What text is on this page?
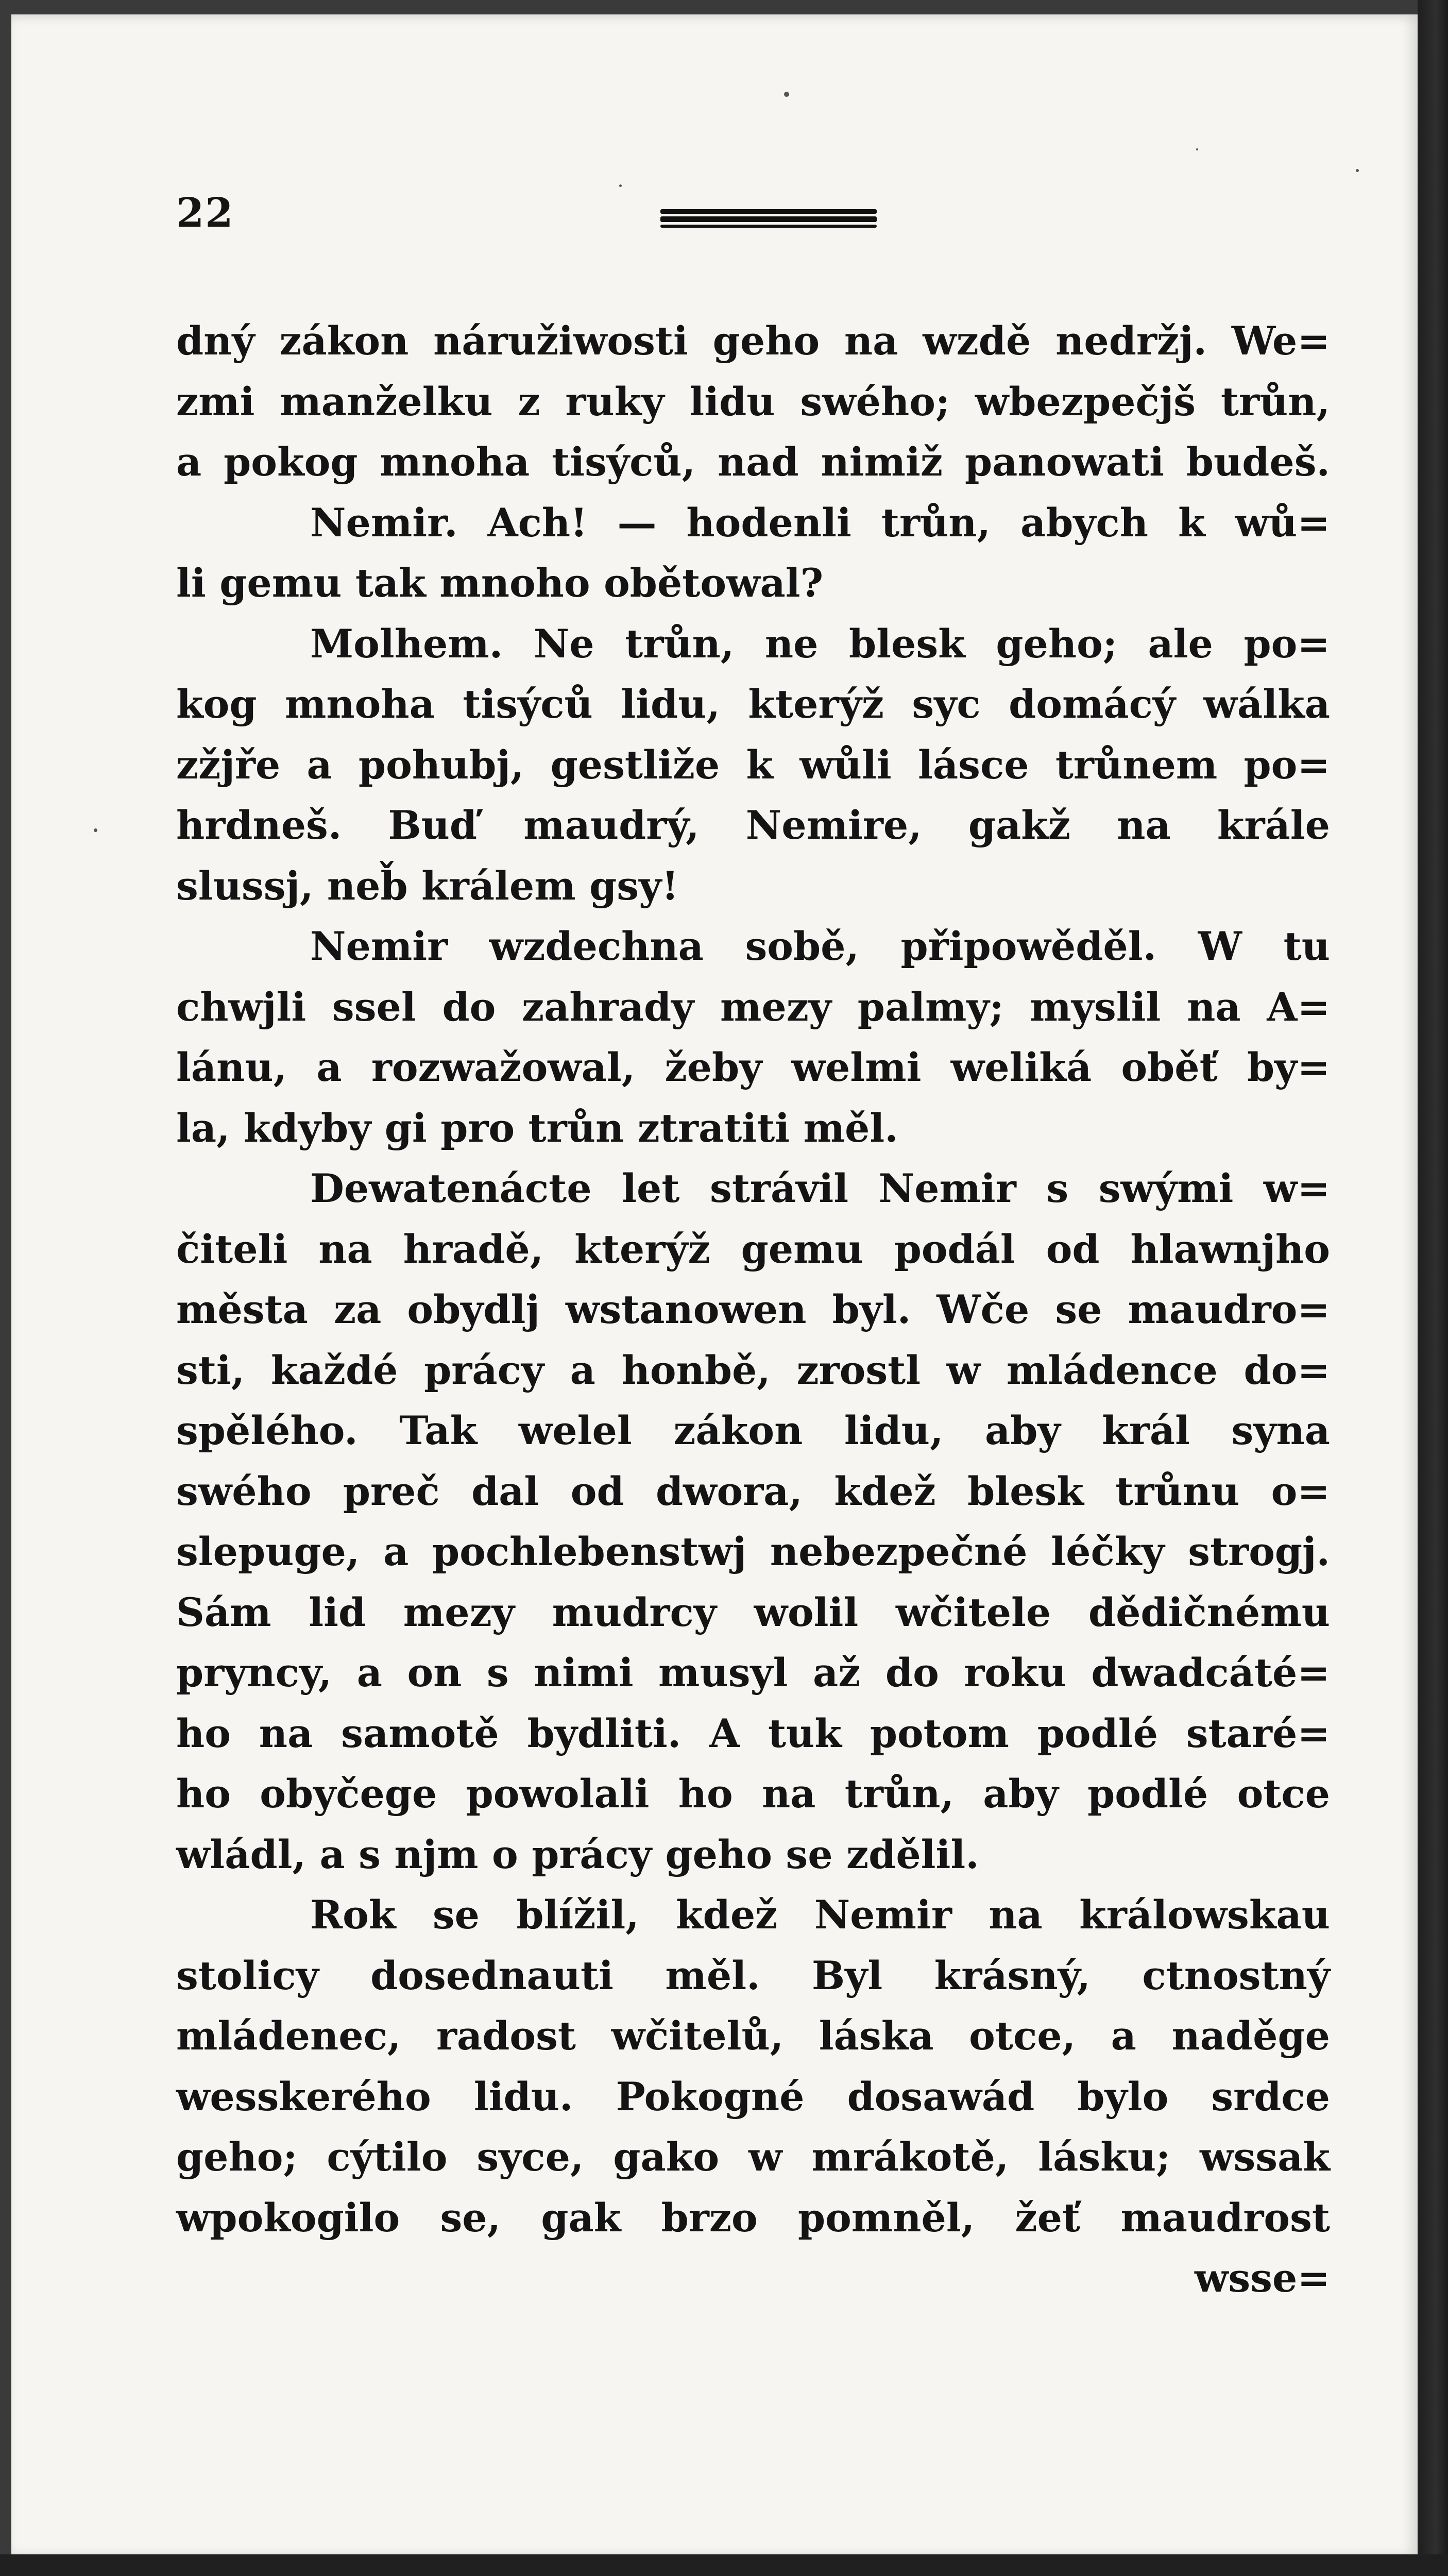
22
dný zákon náružiwosti geho na wzdě nedržj. We=
zmi manželku z ruky lidu swého; wbezpečjš trůn,
a pokog mnoha tisýců, nad nimiž panowati budeš.
Nemir. Ach! — hodenli trůn, abych k wů=
li gemu tak mnoho obětowal?
Molhem. Ne trůn, ne blesk geho; ale po=
kog mnoha tisýců lidu, kterýž syc domácý wálka
zžjře a pohubj, gestliže k wůli lásce trůnem po=
hrdneš. Buď maudrý, Nemire, gakž na krále
slussj, neb̌ králem gsy!
Nemir wzdechna sobě, připowěděl. W tu
chwjli ssel do zahrady mezy palmy; myslil na A=
lánu, a rozwažowal, žeby welmi weliká oběť by=
la, kdyby gi pro trůn ztratiti měl.
Dewatenácte let strávil Nemir s swými w=
čiteli na hradě, kterýž gemu podál od hlawnjho
města za obydlj wstanowen byl. Wče se maudro=
sti, každé prácy a honbě, zrostl w mládence do=
spělého. Tak welel zákon lidu, aby král syna
swého preč dal od dwora, kdež blesk trůnu o=
slepuge, a pochlebenstwj nebezpečné léčky strogj.
Sám lid mezy mudrcy wolil wčitele dědičnému
pryncy, a on s nimi musyl až do roku dwadcáté=
ho na samotě bydliti. A tuk potom podlé staré=
ho obyčege powolali ho na trůn, aby podlé otce
wládl, a s njm o prácy geho se zdělil.
Rok se blížil, kdež Nemir na králowskau
stolicy dosednauti měl. Byl krásný, ctnostný
mládenec, radost wčitelů, láska otce, a naděge
wesskerého lidu. Pokogné dosawád bylo srdce
geho; cýtilo syce, gako w mrákotě, lásku; wssak
wpokogilo se, gak brzo pomněl, žeť maudrost
wsse=
